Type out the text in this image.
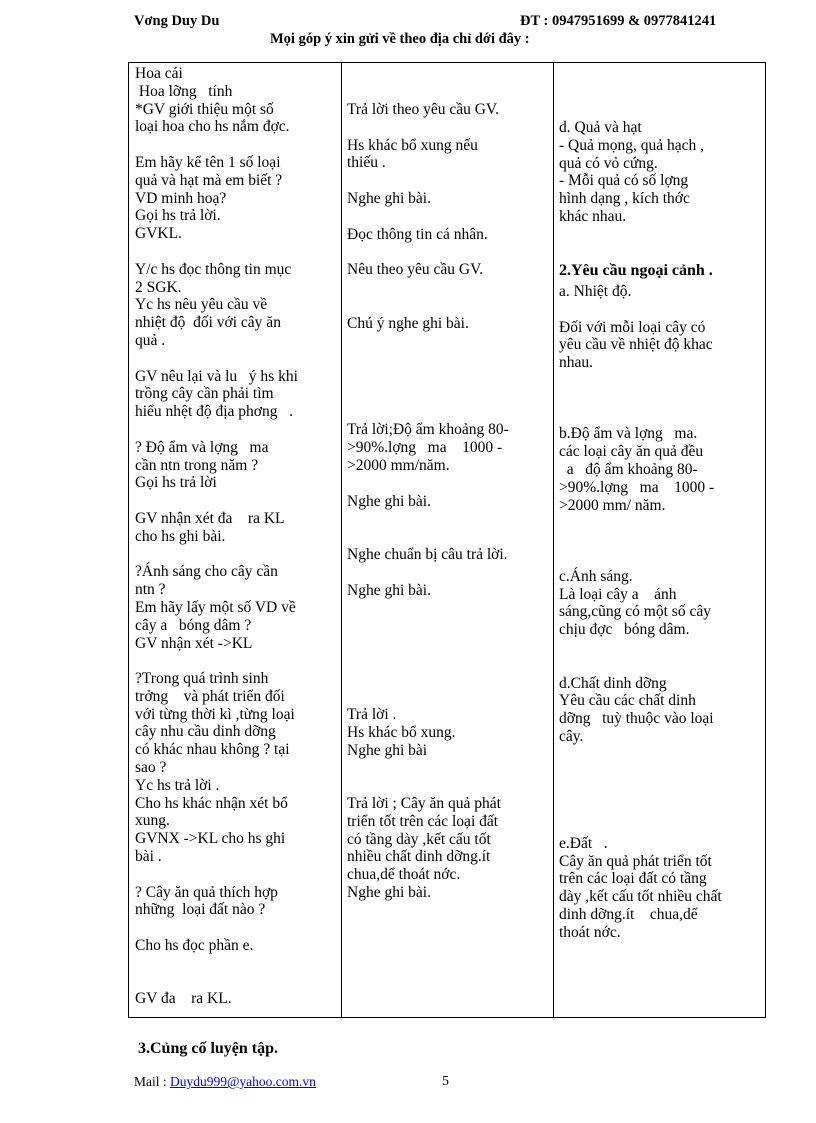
Vơng Duy Du	ĐT : 0947951699 & 0977841241
Mọi góp ý xin gửi về theo địa chỉ dới đây :
Hoa cái
Hoa lỡng   tính
*GV giới thiệu một số
loại hoa cho hs nắm đợc.

Em hãy kể tên 1 số loại
quả và hạt mà em biết ?
VD minh hoạ?
Gọi hs trả lời.
GVKL.

Y/c hs đọc thông tin mục
2 SGK.
Yc hs nêu yêu cầu về
nhiệt độ  đối với cây ăn
quả .

GV nêu lại và lu   ý hs khi
trồng cây cần phải tìm
hiểu nhệt độ địa phơng   .

? Độ ẩm và lợng   ma
cần ntn trong năm ?
Gọi hs trả lời

GV nhận xét đa    ra KL
cho hs ghi bài.

?Ánh sáng cho cây cần
ntn ?
Em hãy lấy một số VD về
cây a   bóng dâm ?
GV nhận xét ->KL

?Trong quá trình sinh
trởng    và phát triển đối
với từng thời kì ,từng loại
cây nhu cầu dinh dỡng
có khác nhau không ? tại
sao ?
Yc hs trả lời .
Cho hs khác nhận xét bổ
xung.
GVNX ->KL cho hs ghi
bài .

? Cây ăn quả thích hợp
những  loại đất nào ?

Cho hs đọc phần e.

GV đa    ra KL.
Trả lời theo yêu cầu GV.

Hs khác bổ xung nếu
thiếu .

Nghe ghi bài.

Đọc thông tin cá nhân.

Nêu theo yêu cầu GV.

Chú ý nghe ghi bài.

Trả lời;Độ ẩm khoảng 80-
>90%.lợng   ma    1000 -
>2000 mm/năm.

Nghe ghi bài.

Nghe chuẩn bị câu trả lời.

Nghe ghi bài.

Trả lời .
Hs khác bổ xung.
Nghe ghi bài

Trả lời ; Cây ăn quả phát
triển tốt trên các loại đất
có tầng dày ,kết cấu tốt
nhiều chất dinh dỡng.ít
chua,dể thoát nớc.
Nghe ghi bài.
d. Quả và hạt
- Quả mọng, quả hạch ,
quả có vỏ cứng.
- Mỗi quả có số lợng
hình dạng , kích thớc
khác nhau.
2.Yêu cầu ngoại cảnh .
a. Nhiệt độ.

Đối với mỗi loại cây có
yêu cầu về nhiệt độ khac
nhau.

b.Độ ẩm và lợng   ma.
các loại cây ăn quả đều
a   độ ẩm khoảng 80-
>90%.lợng   ma    1000 -
>2000 mm/ năm.

c.Ánh sáng.
Là loại cây a    ánh
sáng,cũng có một số cây
chịu đợc   bóng dâm.

d.Chất dinh dỡng
Yêu cầu các chất dinh
dỡng   tuỳ thuộc vào loại
cây.

e.Đất   .
Cây ăn quả phát triển tốt
trên các loại đất có tầng
dày ,kết cấu tốt nhiều chất
dinh dỡng.ít    chua,dể
thoát nớc.
3.Củng cố luyện tập.
Mail : Duydu999@yahoo.com.vn	5
